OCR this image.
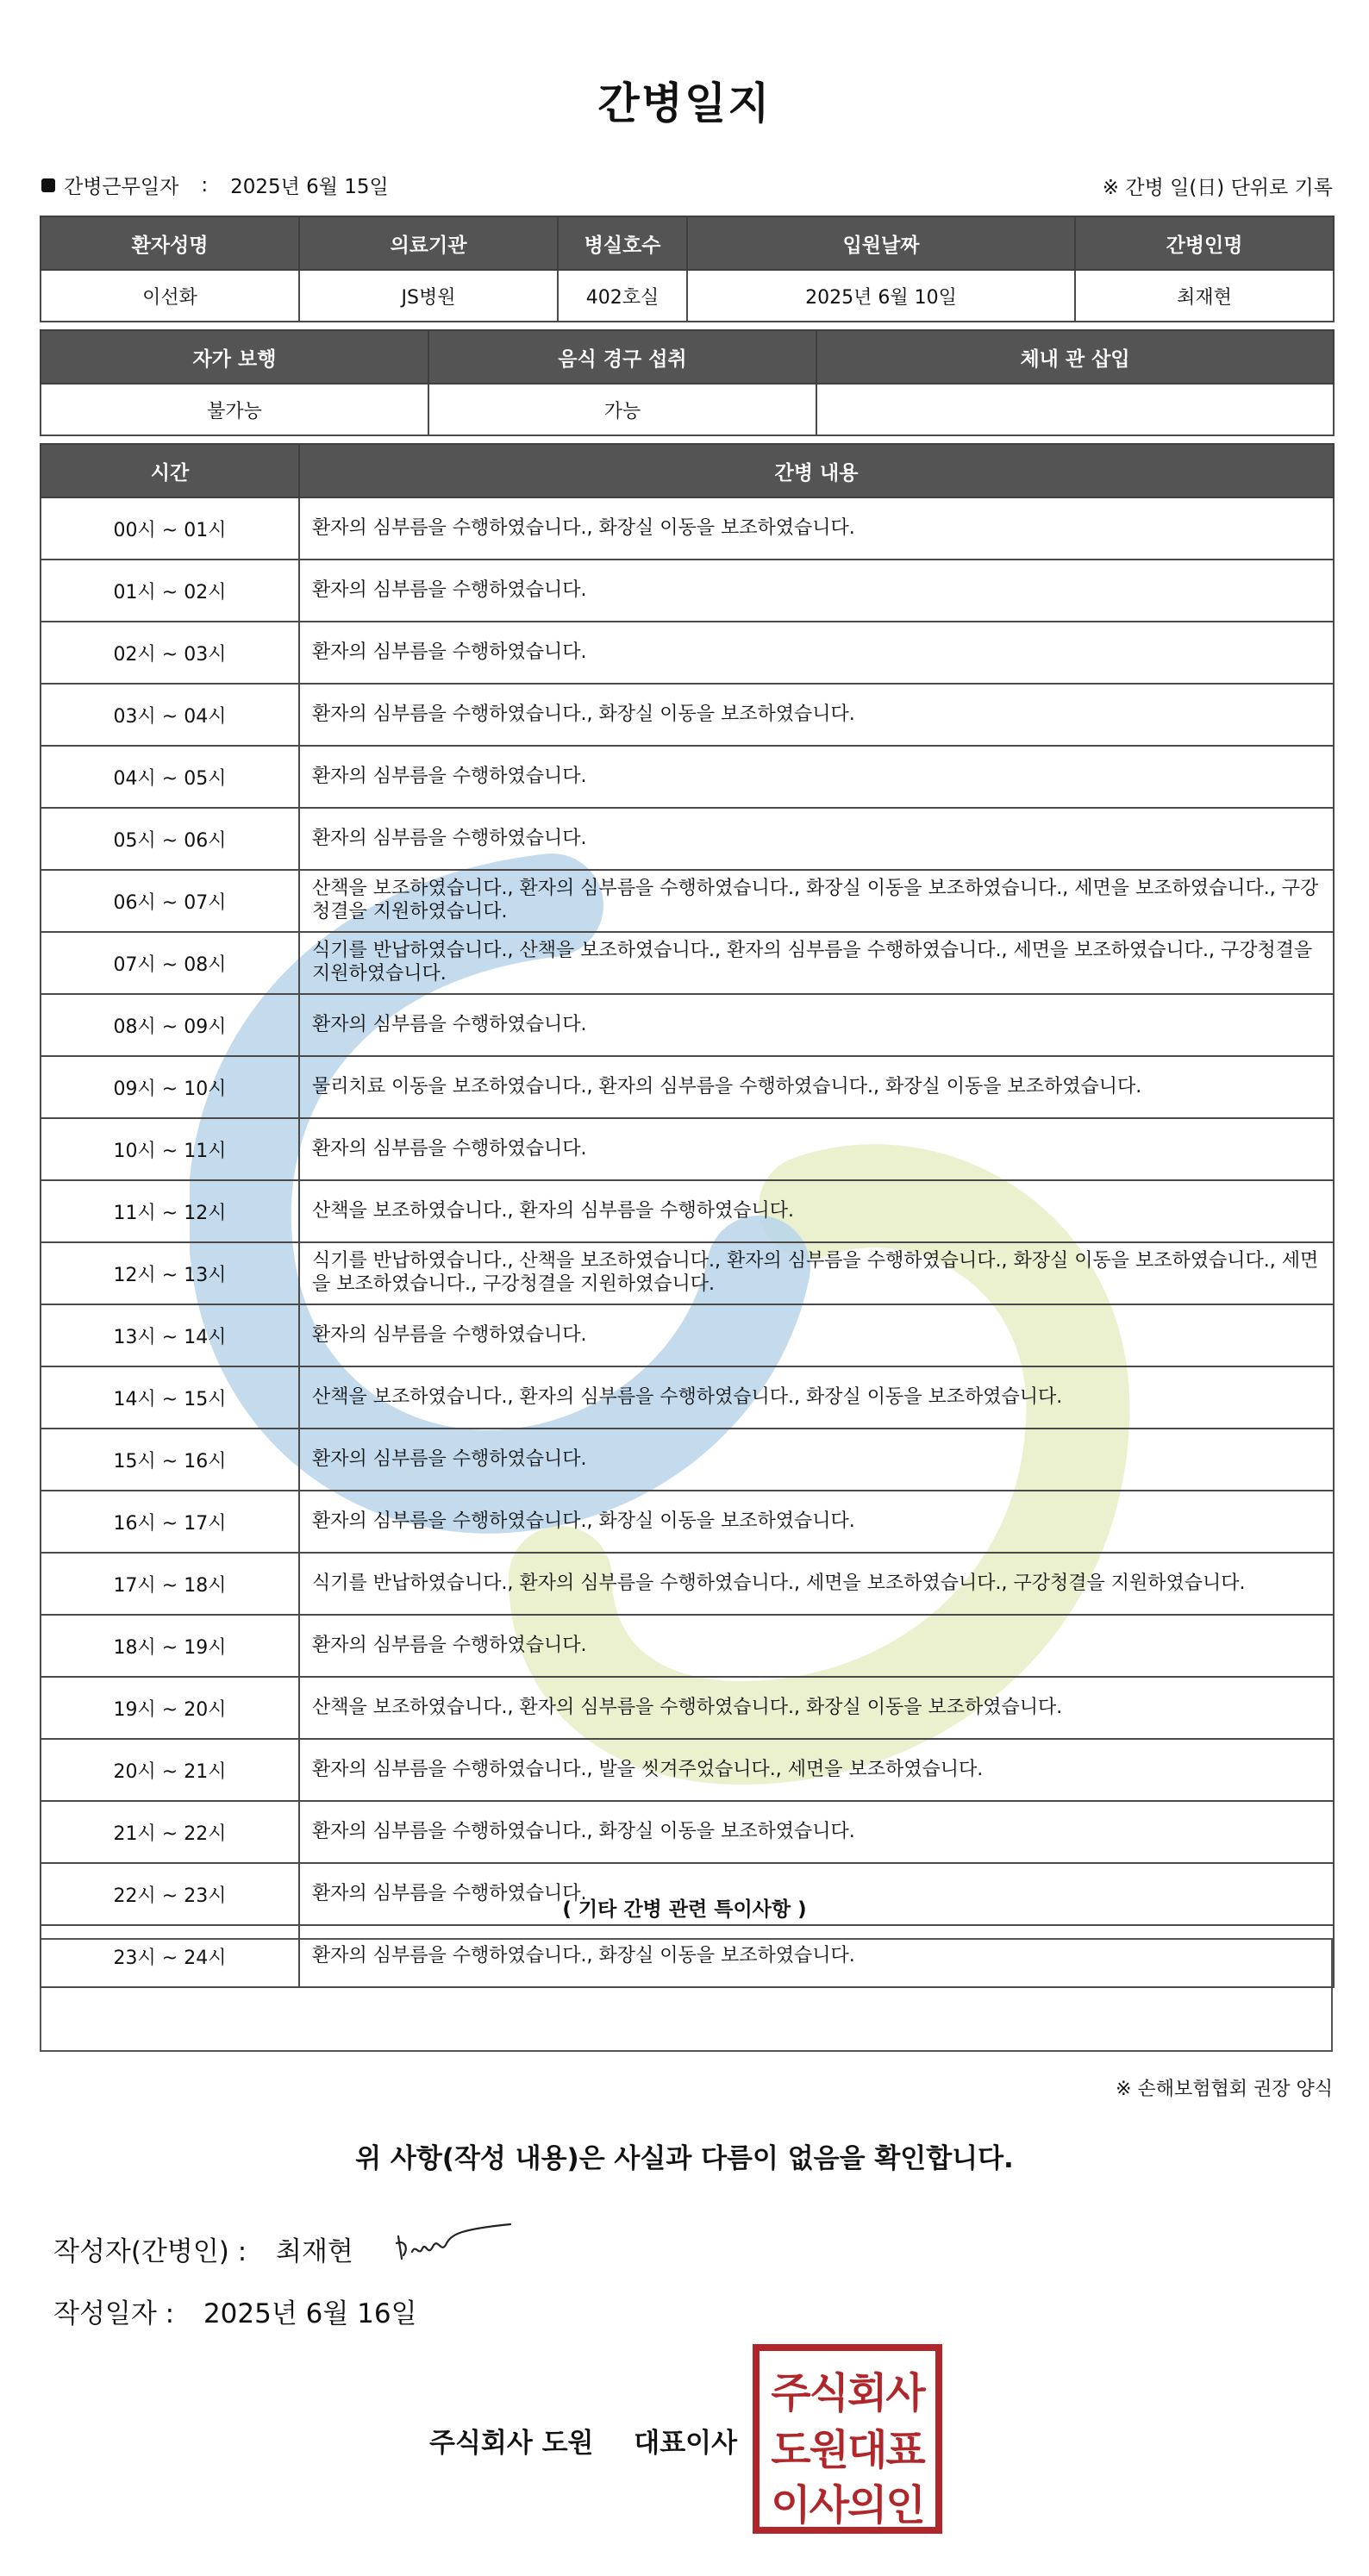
간병일지
간병근무일자 : 2025년 6월 15일	※ 간병 일(日) 단위로 기록
환자성명	의료기관	병실호수	입원날짜	간병인명
이선화	JS병원	402호실	2025년 6월 10일	최재현
자가 보행	음식 경구 섭취	체내 관 삽입
불가능	가능	
시간	간병 내용
00시 ~ 01시	환자의 심부름을 수행하였습니다., 화장실 이동을 보조하였습니다.
01시 ~ 02시	환자의 심부름을 수행하였습니다.
02시 ~ 03시	환자의 심부름을 수행하였습니다.
03시 ~ 04시	환자의 심부름을 수행하였습니다., 화장실 이동을 보조하였습니다.
04시 ~ 05시	환자의 심부름을 수행하였습니다.
05시 ~ 06시	환자의 심부름을 수행하였습니다.
06시 ~ 07시	산책을 보조하였습니다., 환자의 심부름을 수행하였습니다., 화장실 이동을 보조하였습니다., 세면을 보조하였습니다., 구강청결을 지원하였습니다.
07시 ~ 08시	식기를 반납하였습니다., 산책을 보조하였습니다., 환자의 심부름을 수행하였습니다., 세면을 보조하였습니다., 구강청결을 지원하였습니다.
08시 ~ 09시	환자의 심부름을 수행하였습니다.
09시 ~ 10시	물리치료 이동을 보조하였습니다., 환자의 심부름을 수행하였습니다., 화장실 이동을 보조하였습니다.
10시 ~ 11시	환자의 심부름을 수행하였습니다.
11시 ~ 12시	산책을 보조하였습니다., 환자의 심부름을 수행하였습니다.
12시 ~ 13시	식기를 반납하였습니다., 산책을 보조하였습니다., 환자의 심부름을 수행하였습니다., 화장실 이동을 보조하였습니다., 세면을 보조하였습니다., 구강청결을 지원하였습니다.
13시 ~ 14시	환자의 심부름을 수행하였습니다.
14시 ~ 15시	산책을 보조하였습니다., 환자의 심부름을 수행하였습니다., 화장실 이동을 보조하였습니다.
15시 ~ 16시	환자의 심부름을 수행하였습니다.
16시 ~ 17시	환자의 심부름을 수행하였습니다., 화장실 이동을 보조하였습니다.
17시 ~ 18시	식기를 반납하였습니다., 환자의 심부름을 수행하였습니다., 세면을 보조하였습니다., 구강청결을 지원하였습니다.
18시 ~ 19시	환자의 심부름을 수행하였습니다.
19시 ~ 20시	산책을 보조하였습니다., 환자의 심부름을 수행하였습니다., 화장실 이동을 보조하였습니다.
20시 ~ 21시	환자의 심부름을 수행하였습니다., 발을 씻겨주었습니다., 세면을 보조하였습니다.
21시 ~ 22시	환자의 심부름을 수행하였습니다., 화장실 이동을 보조하였습니다.
22시 ~ 23시	환자의 심부름을 수행하였습니다.
23시 ~ 24시	환자의 심부름을 수행하였습니다., 화장실 이동을 보조하였습니다.
( 기타 간병 관련 특이사항 )
※ 손해보험협회 권장 양식
위 사항(작성 내용)은 사실과 다름이 없음을 확인합니다.
작성자(간병인) : 최재현
작성일자 : 2025년 6월 16일
주식회사 도원 대표이사
주식회사
도원대표
이사의인
